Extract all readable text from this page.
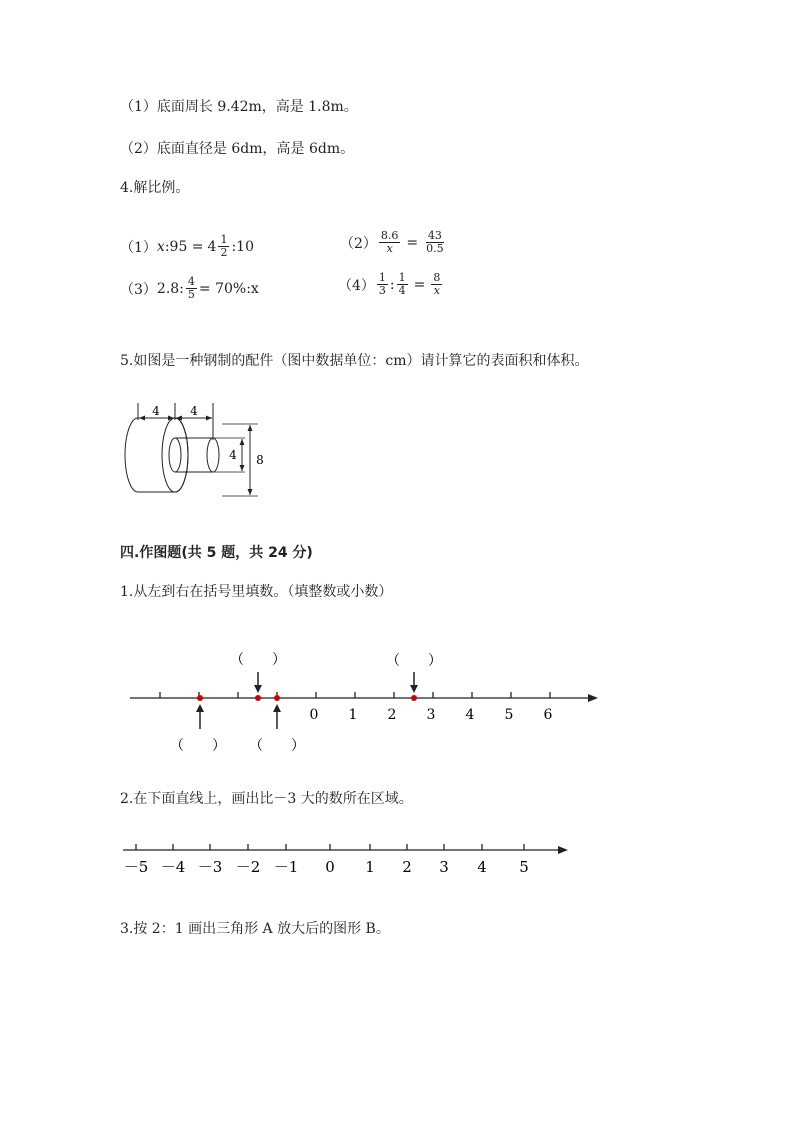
（1）底面周长 9.42m，高是 1.8m。
（2）底面直径是 6dm，高是 6dm。
4.解比例。
（1） x :95 = $4 \frac{1}{2}$ :10	$(2) \frac{8.6}{x} = \frac{43}{0.5}$
（3） 2.8: $\frac{4}{5}$ = 70%:x	$(4) \frac{1}{3}$ : $\frac{1}{4} = \frac{8}{x}$
5.如图是一种钢制的配件（图中数据单位：cm）请计算它的表面积和体积。
4	4
4 8
四.作图题(共 5 题，共 24 分)
1.从左到右在括号里填数。（填整数或小数）
0 1 2 3 4 5 6
（　　）	（　　）
（　　） （　　）
2.在下面直线上，画出比－3 大的数所在区域。
－5 －4 －3 －2 －1 0 1 2 3 4 5
3.按 2：1 画出三角形 A 放大后的图形 B。
